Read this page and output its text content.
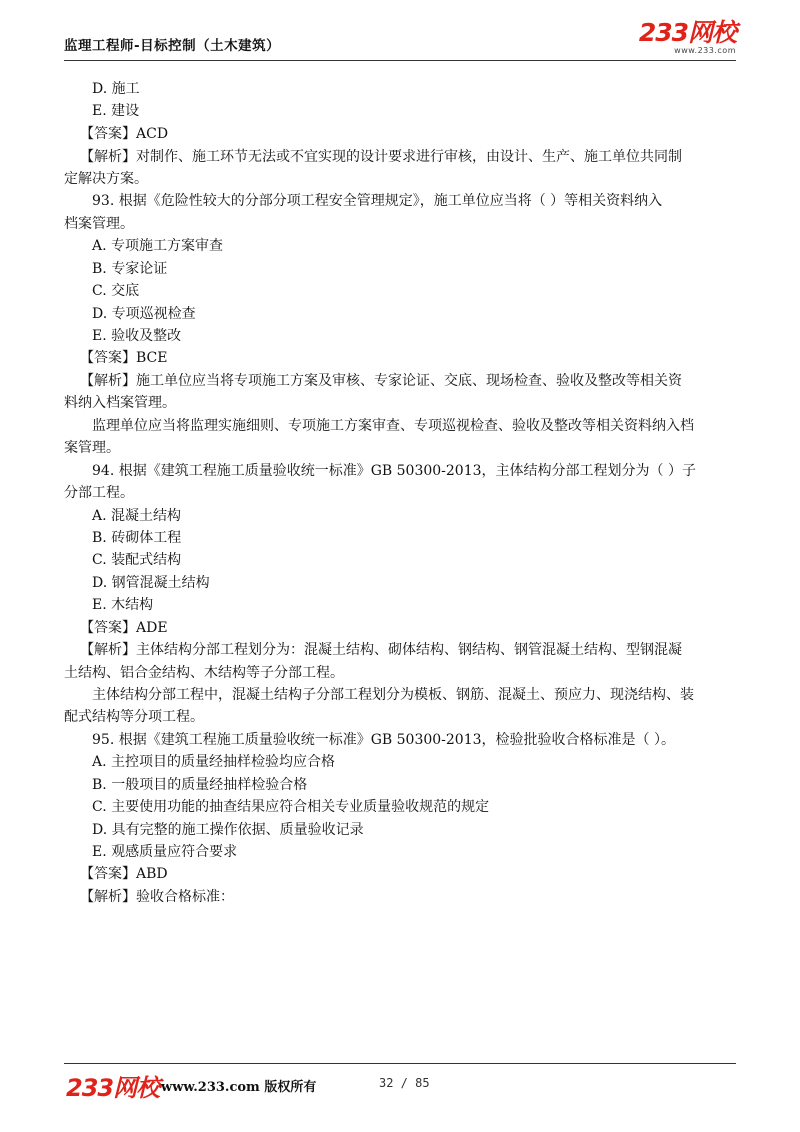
监理工程师-目标控制（土木建筑）	233网校
www.233.com
D. 施工
E. 建设
【答案】ACD
【解析】对制作、施工环节无法或不宜实现的设计要求进行审核，由设计、生产、施工单位共同制
定解决方案。
93. 根据《危险性较大的分部分项工程安全管理规定》，施工单位应当将（ ）等相关资料纳入
档案管理。
A. 专项施工方案审查
B. 专家论证
C. 交底
D. 专项巡视检查
E. 验收及整改
【答案】BCE
【解析】施工单位应当将专项施工方案及审核、专家论证、交底、现场检查、验收及整改等相关资
料纳入档案管理。
监理单位应当将监理实施细则、专项施工方案审查、专项巡视检查、验收及整改等相关资料纳入档
案管理。
94. 根据《建筑工程施工质量验收统一标准》GB 50300-2013，主体结构分部工程划分为（ ）子
分部工程。
A. 混凝土结构
B. 砖砌体工程
C. 装配式结构
D. 钢管混凝土结构
E. 木结构
【答案】ADE
【解析】主体结构分部工程划分为：混凝土结构、砌体结构、钢结构、钢管混凝土结构、型钢混凝
土结构、铝合金结构、木结构等子分部工程。
主体结构分部工程中，混凝土结构子分部工程划分为模板、钢筋、混凝土、预应力、现浇结构、装
配式结构等分项工程。
95. 根据《建筑工程施工质量验收统一标准》GB 50300-2013，检验批验收合格标准是（ ）。
A. 主控项目的质量经抽样检验均应合格
B. 一般项目的质量经抽样检验合格
C. 主要使用功能的抽查结果应符合相关专业质量验收规范的规定
D. 具有完整的施工操作依据、质量验收记录
E. 观感质量应符合要求
【答案】ABD
【解析】验收合格标准：
233网校 www.233.com 版权所有	32 / 85
